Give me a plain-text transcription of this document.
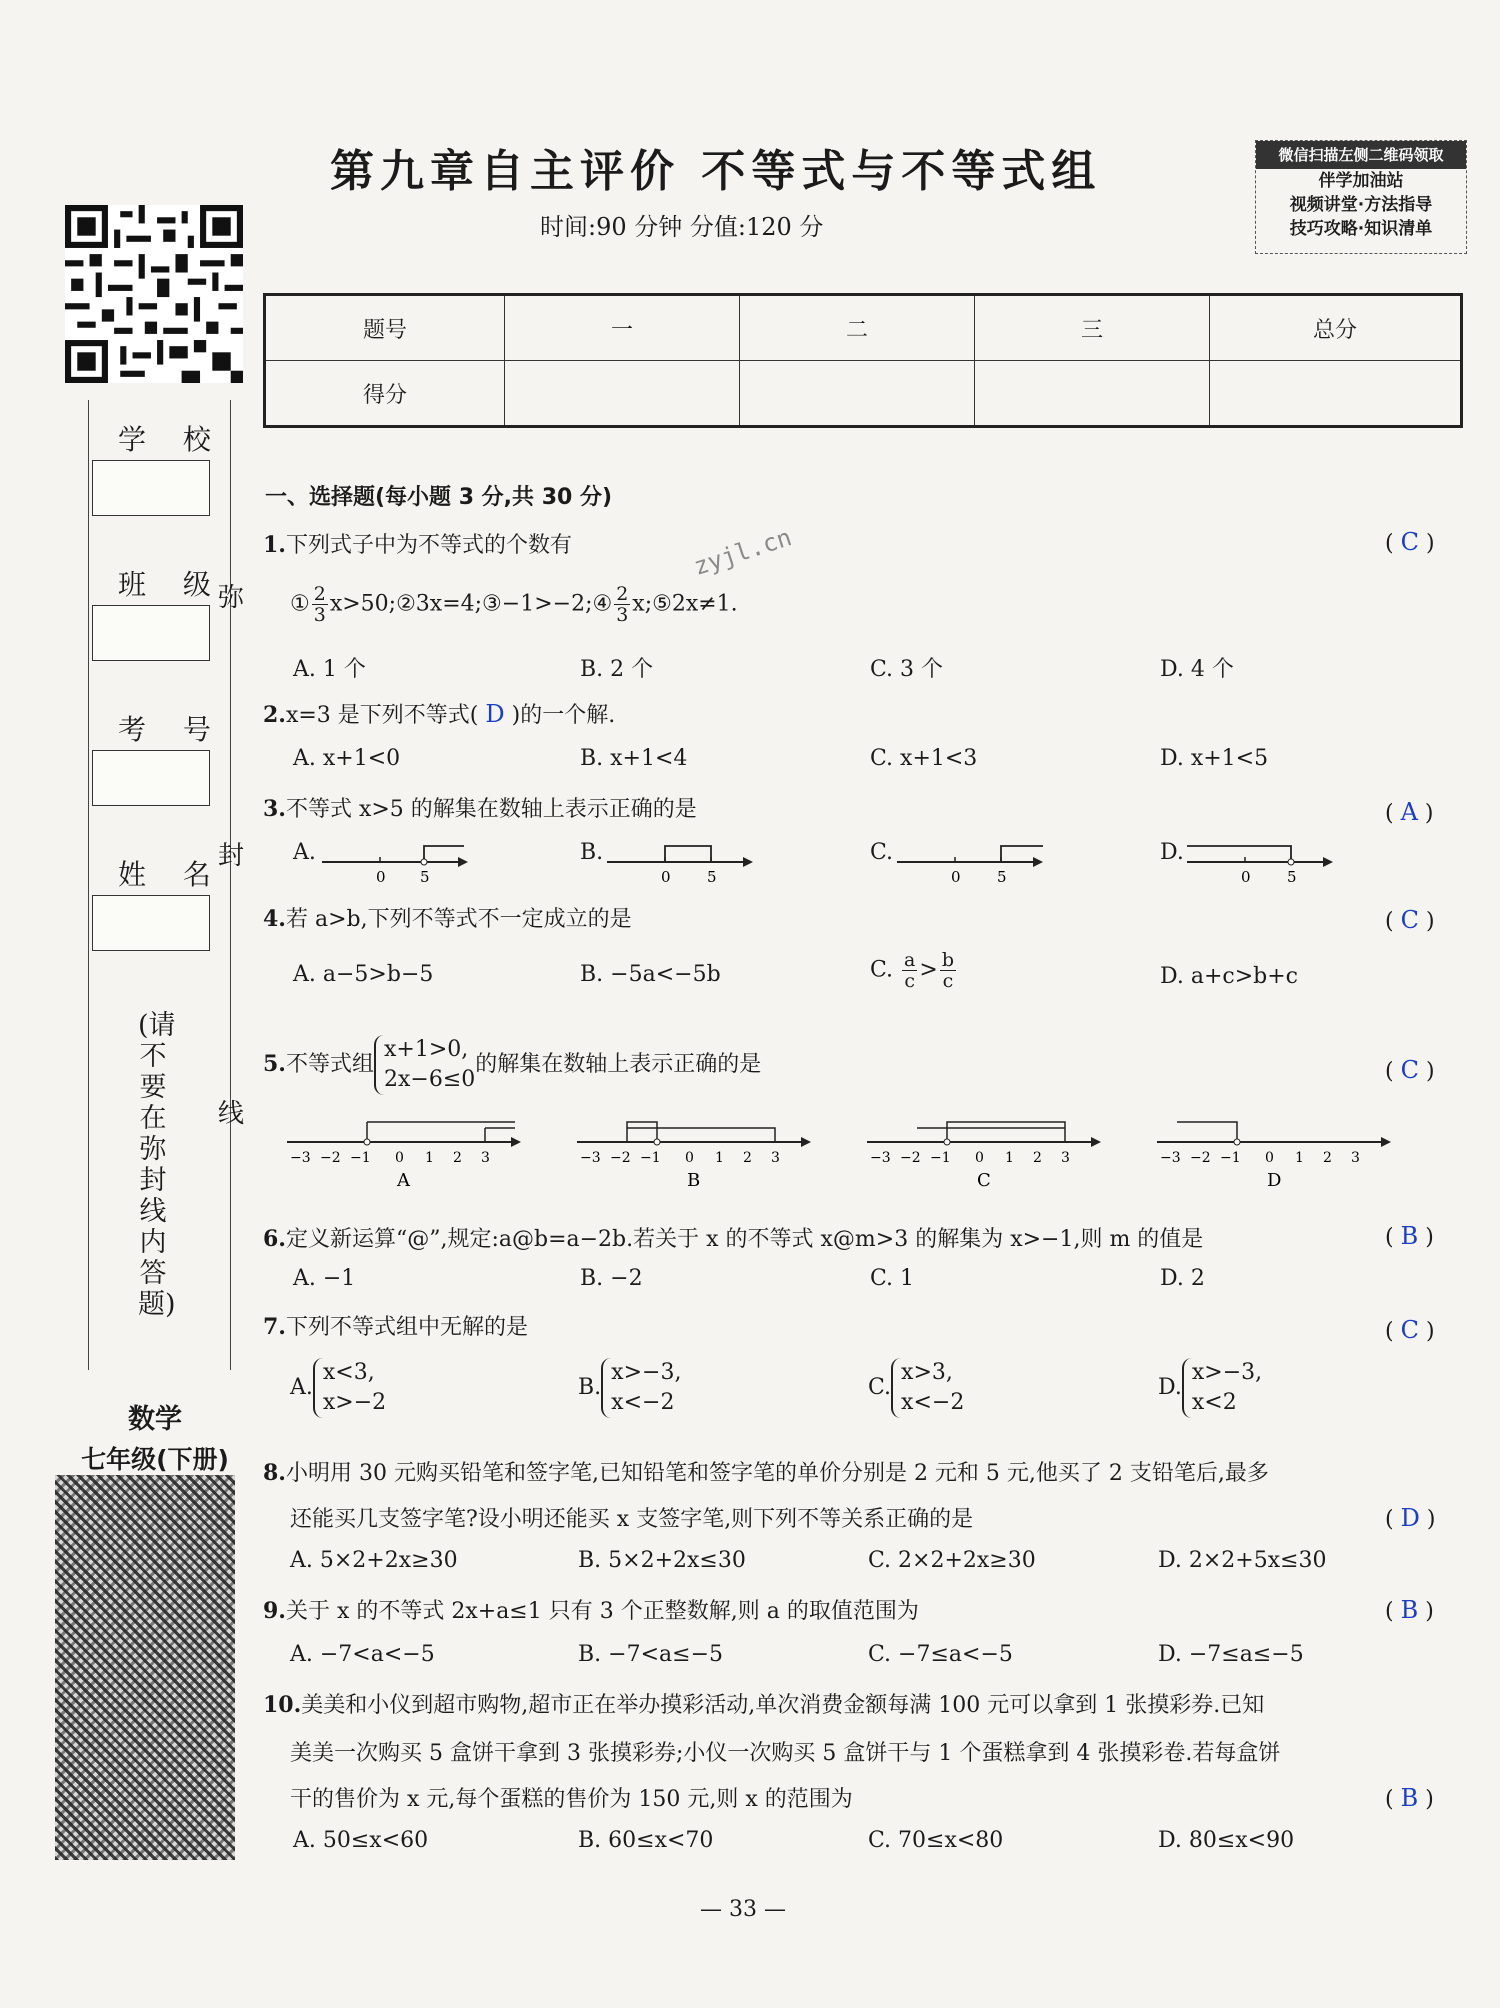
第九章自主评价 不等式与不等式组
时间:90 分钟 分值:120 分
微信扫描左侧二维码领取
伴学加油站
视频讲堂·方法指导
技巧攻略·知识清单
学 校
班 级
考 号
姓 名
弥
封
线
(请不要在弥封线内答题)
数学
七年级(下册)
题号	一	二	三	总分
得分				
zyjl.cn
一、选择题(每小题 3 分,共 30 分)
1.下列式子中为不等式的个数有	( C )
① $\frac{2}{3}$ x>50;②3x=4;③−1>−2;④ $\frac{2}{3}$ x;⑤2x≠1.
A. 1 个	B. 2 个	C. 3 个	D. 4 个
2.x=3 是下列不等式( D )的一个解.
A. x+1<0	B. x+1<4	C. x+1<3	D. x+1<5
3.不等式 x>5 的解集在数轴上表示正确的是	( A )
A.	B.	C.	D.
0 5	0 5	0 5	0 5
4.若 a>b,下列不等式不一定成立的是	( C )
A. a−5>b−5	B. −5a<−5b	C. $\frac{a}{c} > \frac{b}{c}$	D. a+c>b+c
5.不等式组
x+1>0,
2x−6≤0
的解集在数轴上表示正确的是	( C )
−3 −2 −1 0 1 2 3
A
−3 −2 −1 0 1 2 3
B
−3 −2 −1 0 1 2 3
C
−3 −2 −1 0 1 2 3
D
6.定义新运算“@”,规定:a@b=a−2b.若关于 x 的不等式 x@m>3 的解集为 x>−1,则 m 的值是	( B )
A. −1	B. −2	C. 1	D. 2
7.下列不等式组中无解的是	( C )
A.
x<3,
x>−2
B.
x>−3,
x<−2
C.
x>3,
x<−2
D.
x>−3,
x<2
8.小明用 30 元购买铅笔和签字笔,已知铅笔和签字笔的单价分别是 2 元和 5 元,他买了 2 支铅笔后,最多
还能买几支签字笔?设小明还能买 x 支签字笔,则下列不等关系正确的是	( D )
A. 5×2+2x≥30	B. 5×2+2x≤30	C. 2×2+2x≥30	D. 2×2+5x≤30
9.关于 x 的不等式 2x+a≤1 只有 3 个正整数解,则 a 的取值范围为	( B )
A. −7<a<−5	B. −7<a≤−5	C. −7≤a<−5	D. −7≤a≤−5
10.美美和小仪到超市购物,超市正在举办摸彩活动,单次消费金额每满 100 元可以拿到 1 张摸彩券.已知
美美一次购买 5 盒饼干拿到 3 张摸彩券;小仪一次购买 5 盒饼干与 1 个蛋糕拿到 4 张摸彩卷.若每盒饼
干的售价为 x 元,每个蛋糕的售价为 150 元,则 x 的范围为	( B )
A. 50≤x<60	B. 60≤x<70	C. 70≤x<80	D. 80≤x<90
— 33 —
